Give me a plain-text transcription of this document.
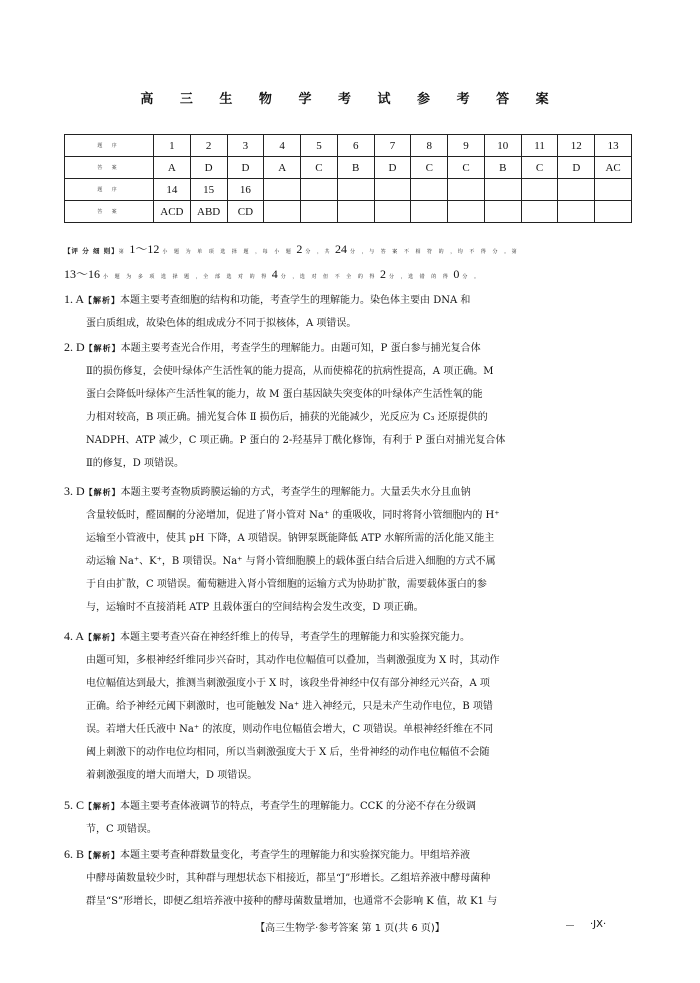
高 三 生 物 学 考 试 参 考 答 案
题 序	1	2	3	4	5	6	7	8	9	10	11	12	13
答 案	A	D	D	A	C	B	D	C	C	B	C	D	AC
题 序	14	15	16										
答 案	ACD	ABD	CD										
【评 分 细 则】第 1～12 小 题 为 单 项 选 择 题 ，每 小 题 2 分 ，共 24 分 ，与 答 案 不 相 符 的 ，均 不 得 分 。第
13～16 小 题 为 多 项 选 择 题 ，全 部 选 对 的 得 4 分 ，选 对 但 不 全 的 得 2 分 ，选 错 的 得 0 分 。
1. A【解析】本题主要考查细胞的结构和功能，考查学生的理解能力。染色体主要由 DNA 和
蛋白质组成，故染色体的组成成分不同于拟核体，A 项错误。
2. D【解析】本题主要考查光合作用，考查学生的理解能力。由题可知，P 蛋白参与捕光复合体
Ⅱ的损伤修复，会使叶绿体产生活性氧的能力提高，从而使棉花的抗病性提高，A 项正确。M
蛋白会降低叶绿体产生活性氧的能力，故 M 蛋白基因缺失突变体的叶绿体产生活性氧的能
力相对较高，B 项正确。捕光复合体 Ⅱ 损伤后，捕获的光能减少，光反应为 C₃ 还原提供的
NADPH、ATP 减少，C 项正确。P 蛋白的 2-羟基异丁酰化修饰，有利于 P 蛋白对捕光复合体
Ⅱ的修复，D 项错误。
3. D【解析】本题主要考查物质跨膜运输的方式，考查学生的理解能力。大量丢失水分且血钠
含量较低时，醛固酮的分泌增加，促进了肾小管对 Na⁺ 的重吸收，同时将肾小管细胞内的 H⁺
运输至小管液中，使其 pH 下降，A 项错误。钠钾泵既能降低 ATP 水解所需的活化能又能主
动运输 Na⁺、K⁺，B 项错误。Na⁺ 与肾小管细胞膜上的载体蛋白结合后进入细胞的方式不属
于自由扩散，C 项错误。葡萄糖进入肾小管细胞的运输方式为协助扩散，需要载体蛋白的参
与，运输时不直接消耗 ATP 且载体蛋白的空间结构会发生改变，D 项正确。
4. A【解析】本题主要考查兴奋在神经纤维上的传导，考查学生的理解能力和实验探究能力。
由题可知，多根神经纤维同步兴奋时，其动作电位幅值可以叠加，当刺激强度为 X 时，其动作
电位幅值达到最大，推测当刺激强度小于 X 时，该段坐骨神经中仅有部分神经元兴奋，A 项
正确。给予神经元阈下刺激时，也可能触发 Na⁺ 进入神经元，只是未产生动作电位，B 项错
误。若增大任氏液中 Na⁺ 的浓度，则动作电位幅值会增大，C 项错误。单根神经纤维在不同
阈上刺激下的动作电位均相同，所以当刺激强度大于 X 后，坐骨神经的动作电位幅值不会随
着刺激强度的增大而增大，D 项错误。
5. C【解析】本题主要考查体液调节的特点，考查学生的理解能力。CCK 的分泌不存在分级调
节，C 项错误。
6. B【解析】本题主要考查种群数量变化，考查学生的理解能力和实验探究能力。甲组培养液
中酵母菌数量较少时，其种群与理想状态下相接近，都呈“J”形增长。乙组培养液中酵母菌种
群呈“S”形增长，即便乙组培养液中接种的酵母菌数量增加，也通常不会影响 K 值，故 K1 与
【高三生物学·参考答案 第 1 页(共 6 页)】	·JX·
